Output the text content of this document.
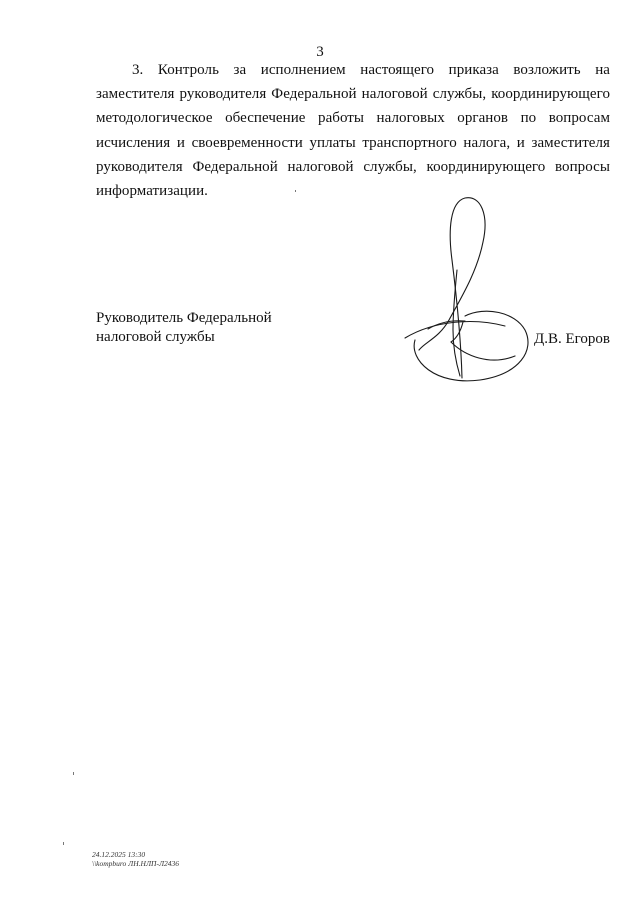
3

3. Контроль за исполнением настоящего приказа возложить на заместителя руководителя Федеральной налоговой службы, координирующего методологическое обеспечение работы налоговых органов по вопросам исчисления и своевременности уплаты транспортного налога, и заместителя руководителя Федеральной налоговой службы, координирующего вопросы информатизации.

Руководитель Федеральной
налоговой службы	Д.В. Егоров
24.12.2025 13:30
\\kompburo ЛН.НЛП-Л2436
